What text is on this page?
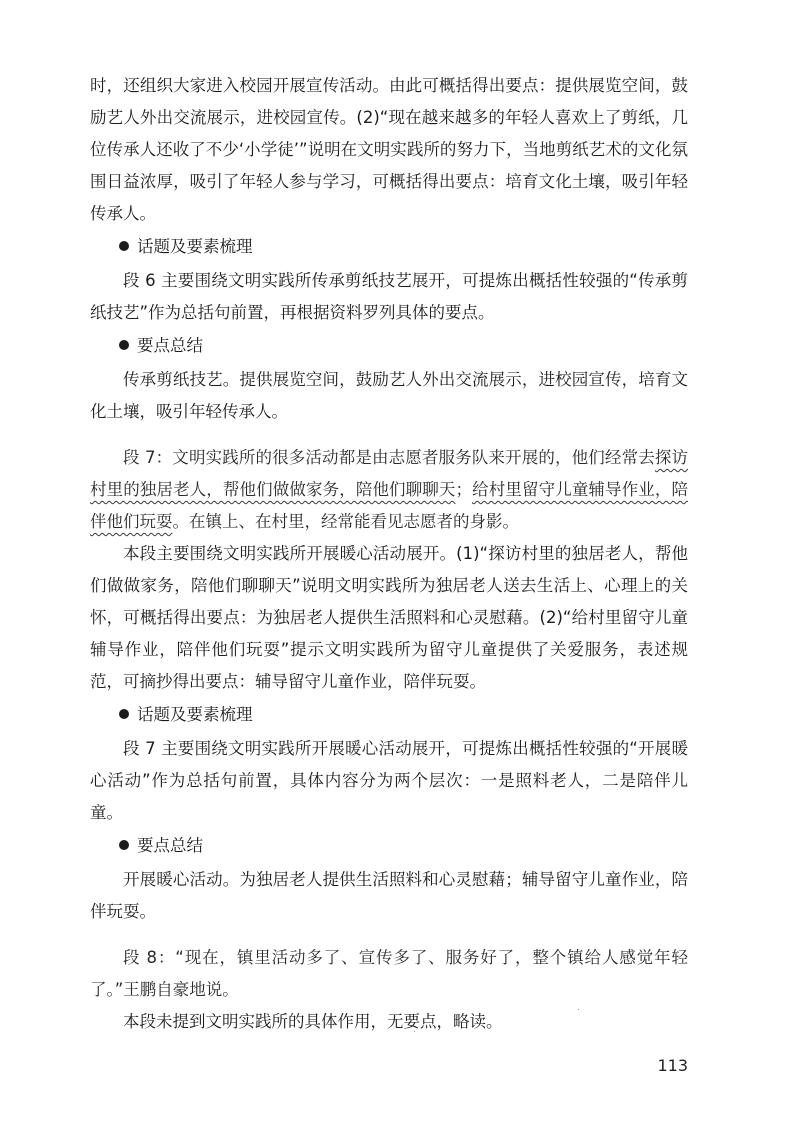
时，还组织大家进入校园开展宣传活动。由此可概括得出要点：提供展览空间，鼓励艺人外出交流展示，进校园宣传。(2)“现在越来越多的年轻人喜欢上了剪纸，几位传承人还收了不少‘小学徒’”说明在文明实践所的努力下，当地剪纸艺术的文化氛围日益浓厚，吸引了年轻人参与学习，可概括得出要点：培育文化土壤，吸引年轻传承人。

话题及要素梳理

段 6 主要围绕文明实践所传承剪纸技艺展开，可提炼出概括性较强的“传承剪纸技艺”作为总括句前置，再根据资料罗列具体的要点。

要点总结

传承剪纸技艺。提供展览空间，鼓励艺人外出交流展示，进校园宣传，培育文化土壤，吸引年轻传承人。

段 7：文明实践所的很多活动都是由志愿者服务队来开展的，他们经常去探访村里的独居老人，帮他们做做家务，陪他们聊聊天；给村里留守儿童辅导作业，陪伴他们玩耍。在镇上、在村里，经常能看见志愿者的身影。

本段主要围绕文明实践所开展暖心活动展开。(1)“探访村里的独居老人，帮他们做做家务，陪他们聊聊天”说明文明实践所为独居老人送去生活上、心理上的关怀，可概括得出要点：为独居老人提供生活照料和心灵慰藉。(2)“给村里留守儿童辅导作业，陪伴他们玩耍”提示文明实践所为留守儿童提供了关爱服务，表述规范，可摘抄得出要点：辅导留守儿童作业，陪伴玩耍。

话题及要素梳理

段 7 主要围绕文明实践所开展暖心活动展开，可提炼出概括性较强的“开展暖心活动”作为总括句前置，具体内容分为两个层次：一是照料老人，二是陪伴儿童。

要点总结

开展暖心活动。为独居老人提供生活照料和心灵慰藉；辅导留守儿童作业，陪伴玩耍。

段 8：“现在，镇里活动多了、宣传多了、服务好了，整个镇给人感觉年轻了。”王鹏自豪地说。

本段未提到文明实践所的具体作用，无要点，略读。

113
